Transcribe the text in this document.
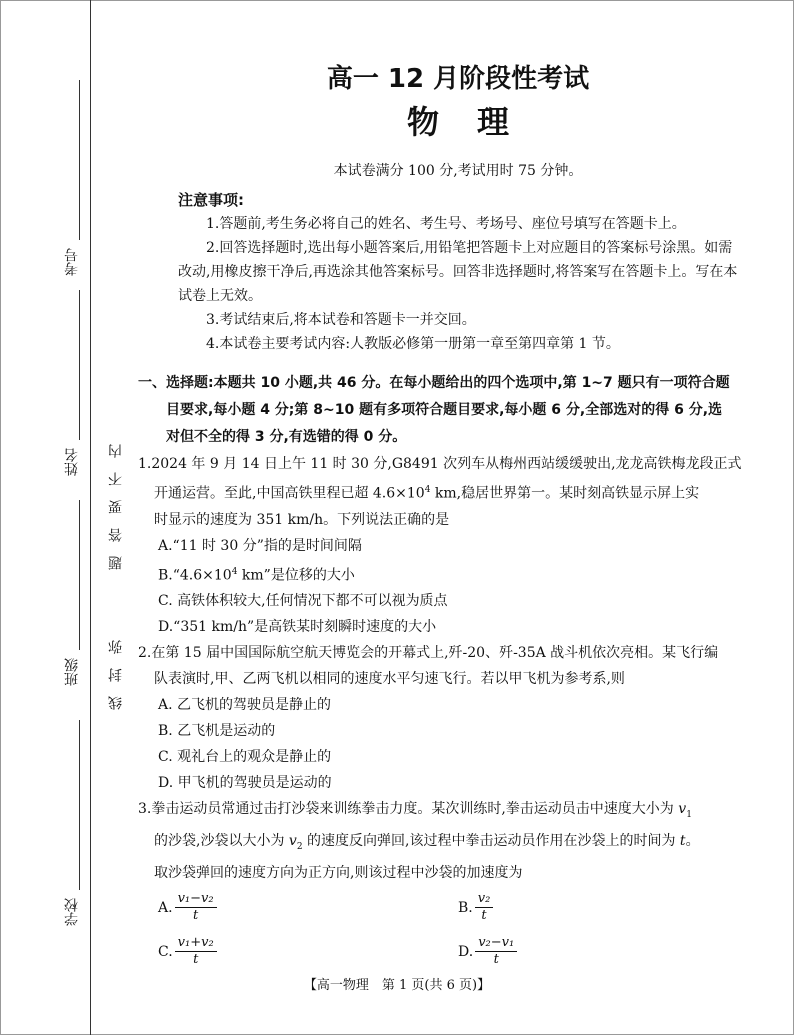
考号
姓名
班级
学校
题　答　要　不　内
线　封　弥
高一 12 月阶段性考试
物理
本试卷满分 100 分,考试用时 75 分钟。
注意事项:

1.答题前,考生务必将自己的姓名、考生号、考场号、座位号填写在答题卡上。

2.回答选择题时,选出每小题答案后,用铅笔把答题卡上对应题目的答案标号涂黑。如需改动,用橡皮擦干净后,再选涂其他答案标号。回答非选择题时,将答案写在答题卡上。写在本试卷上无效。

3.考试结束后,将本试卷和答题卡一并交回。

4.本试卷主要考试内容:人教版必修第一册第一章至第四章第 1 节。

一、选择题:本题共 10 小题,共 46 分。在每小题给出的四个选项中,第 1~7 题只有一项符合题
目要求,每小题 4 分;第 8~10 题有多项符合题目要求,每小题 6 分,全部选对的得 6 分,选
对但不全的得 3 分,有选错的得 0 分。
1.2024 年 9 月 14 日上午 11 时 30 分,G8491 次列车从梅州西站缓缓驶出,龙龙高铁梅龙段正式
开通运营。至此,中国高铁里程已超 $4.6\times 10^4$ km,稳居世界第一。某时刻高铁显示屏上实
时显示的速度为 351 km/h。下列说法正确的是
A.“11 时 30 分”指的是时间间隔
$B.“4.6\times 10^4$ km”是位移的大小
C. 高铁体积较大,任何情况下都不可以视为质点
D.“351 km/h”是高铁某时刻瞬时速度的大小
2.在第 15 届中国国际航空航天博览会的开幕式上,歼-20、歼-35A 战斗机依次亮相。某飞行编
队表演时,甲、乙两飞机以相同的速度水平匀速飞行。若以甲飞机为参考系,则
A. 乙飞机的驾驶员是静止的
B. 乙飞机是运动的
C. 观礼台上的观众是静止的
D. 甲飞机的驾驶员是运动的
3.拳击运动员常通过击打沙袋来训练拳击力度。某次训练时,拳击运动员击中速度大小为 $v_1$
的沙袋,沙袋以大小为 $v_2$ 的速度反向弹回,该过程中拳击运动员作用在沙袋上的时间为 t。
取沙袋弹回的速度方向为正方向,则该过程中沙袋的加速度为
A. $\frac{\text{v₁−v₂}}{t}$	B. $\frac{\text{v₂}}{t}$
C. $\frac{\text{v₁+v₂}}{t}$	D. $\frac{\text{v₂−v₁}}{t}$
【高一物理　第 1 页(共 6 页)】
